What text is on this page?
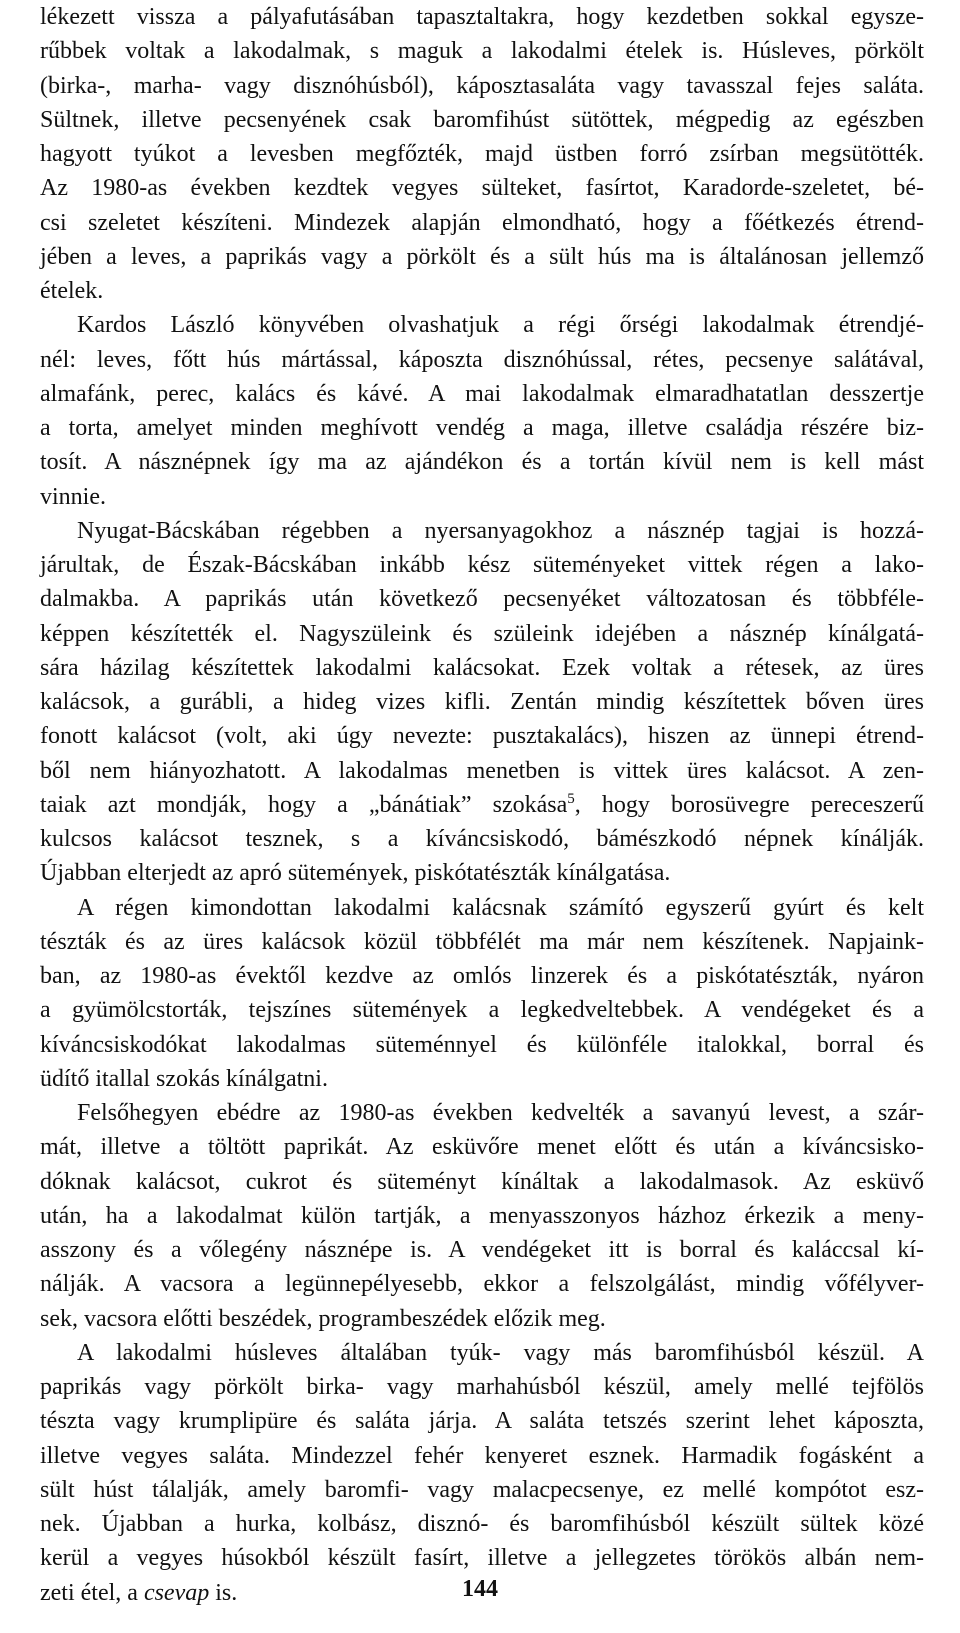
lékezett vissza a pályafutásában tapasztaltakra, hogy kezdetben sokkal egysze-
rűbbek voltak a lakodalmak, s maguk a lakodalmi ételek is. Húsleves, pörkölt
(birka-, marha- vagy disznóhúsból), káposztasaláta vagy tavasszal fejes saláta.
Sültnek, illetve pecsenyének csak baromfihúst sütöttek, mégpedig az egészben
hagyott tyúkot a levesben megfőzték, majd üstben forró zsírban megsütötték.
Az 1980-as években kezdtek vegyes sülteket, fasírtot, Karadorde-szeletet, bé-
csi szeletet készíteni. Mindezek alapján elmondható, hogy a főétkezés étrend-
jében a leves, a paprikás vagy a pörkölt és a sült hús ma is általánosan jellemző
ételek.
Kardos László könyvében olvashatjuk a régi őrségi lakodalmak étrendjé-
nél: leves, főtt hús mártással, káposzta disznóhússal, rétes, pecsenye salátával,
almafánk, perec, kalács és kávé. A mai lakodalmak elmaradhatatlan desszertje
a torta, amelyet minden meghívott vendég a maga, illetve családja részére biz-
tosít. A násznépnek így ma az ajándékon és a tortán kívül nem is kell mást
vinnie.
Nyugat-Bácskában régebben a nyersanyagokhoz a násznép tagjai is hozzá-
járultak, de Észak-Bácskában inkább kész süteményeket vittek régen a lako-
dalmakba. A paprikás után következő pecsenyéket változatosan és többféle-
képpen készítették el. Nagyszüleink és szüleink idejében a násznép kínálgatá-
sára házilag készítettek lakodalmi kalácsokat. Ezek voltak a rétesek, az üres
kalácsok, a gurábli, a hideg vizes kifli. Zentán mindig készítettek bőven üres
fonott kalácsot (volt, aki úgy nevezte: pusztakalács), hiszen az ünnepi étrend-
ből nem hiányozhatott. A lakodalmas menetben is vittek üres kalácsot. A zen-
taiak azt mondják, hogy a „bánátiak” szokása$^5$, hogy borosüvegre pereceszerű
kulcsos kalácsot tesznek, s a kíváncsiskodó, bámészkodó népnek kínálják.
Újabban elterjedt az apró sütemények, piskótatészták kínálgatása.
A régen kimondottan lakodalmi kalácsnak számító egyszerű gyúrt és kelt
tészták és az üres kalácsok közül többfélét ma már nem készítenek. Napjaink-
ban, az 1980-as évektől kezdve az omlós linzerek és a piskótatészták, nyáron
a gyümölcstorták, tejszínes sütemények a legkedveltebbek. A vendégeket és a
kíváncsiskodókat lakodalmas süteménnyel és különféle italokkal, borral és
üdítő itallal szokás kínálgatni.
Felsőhegyen ebédre az 1980-as években kedvelték a savanyú levest, a szár-
mát, illetve a töltött paprikát. Az esküvőre menet előtt és után a kíváncsisko-
dóknak kalácsot, cukrot és süteményt kínáltak a lakodalmasok. Az esküvő
után, ha a lakodalmat külön tartják, a menyasszonyos házhoz érkezik a meny-
asszony és a vőlegény násznépe is. A vendégeket itt is borral és kaláccsal kí-
nálják. A vacsora a legünnepélyesebb, ekkor a felszolgálást, mindig vőfélyver-
sek, vacsora előtti beszédek, programbeszédek előzik meg.
A lakodalmi húsleves általában tyúk- vagy más baromfihúsból készül. A
paprikás vagy pörkölt birka- vagy marhahúsból készül, amely mellé tejfölös
tészta vagy krumplipüre és saláta járja. A saláta tetszés szerint lehet káposzta,
illetve vegyes saláta. Mindezzel fehér kenyeret esznek. Harmadik fogásként a
sült húst tálalják, amely baromfi- vagy malacpecsenye, ez mellé kompótot esz-
nek. Újabban a hurka, kolbász, disznó- és baromfihúsból készült sültek közé
kerül a vegyes húsokból készült fasírt, illetve a jellegzetes törökös albán nem-
zeti étel, a csevap is.	144
